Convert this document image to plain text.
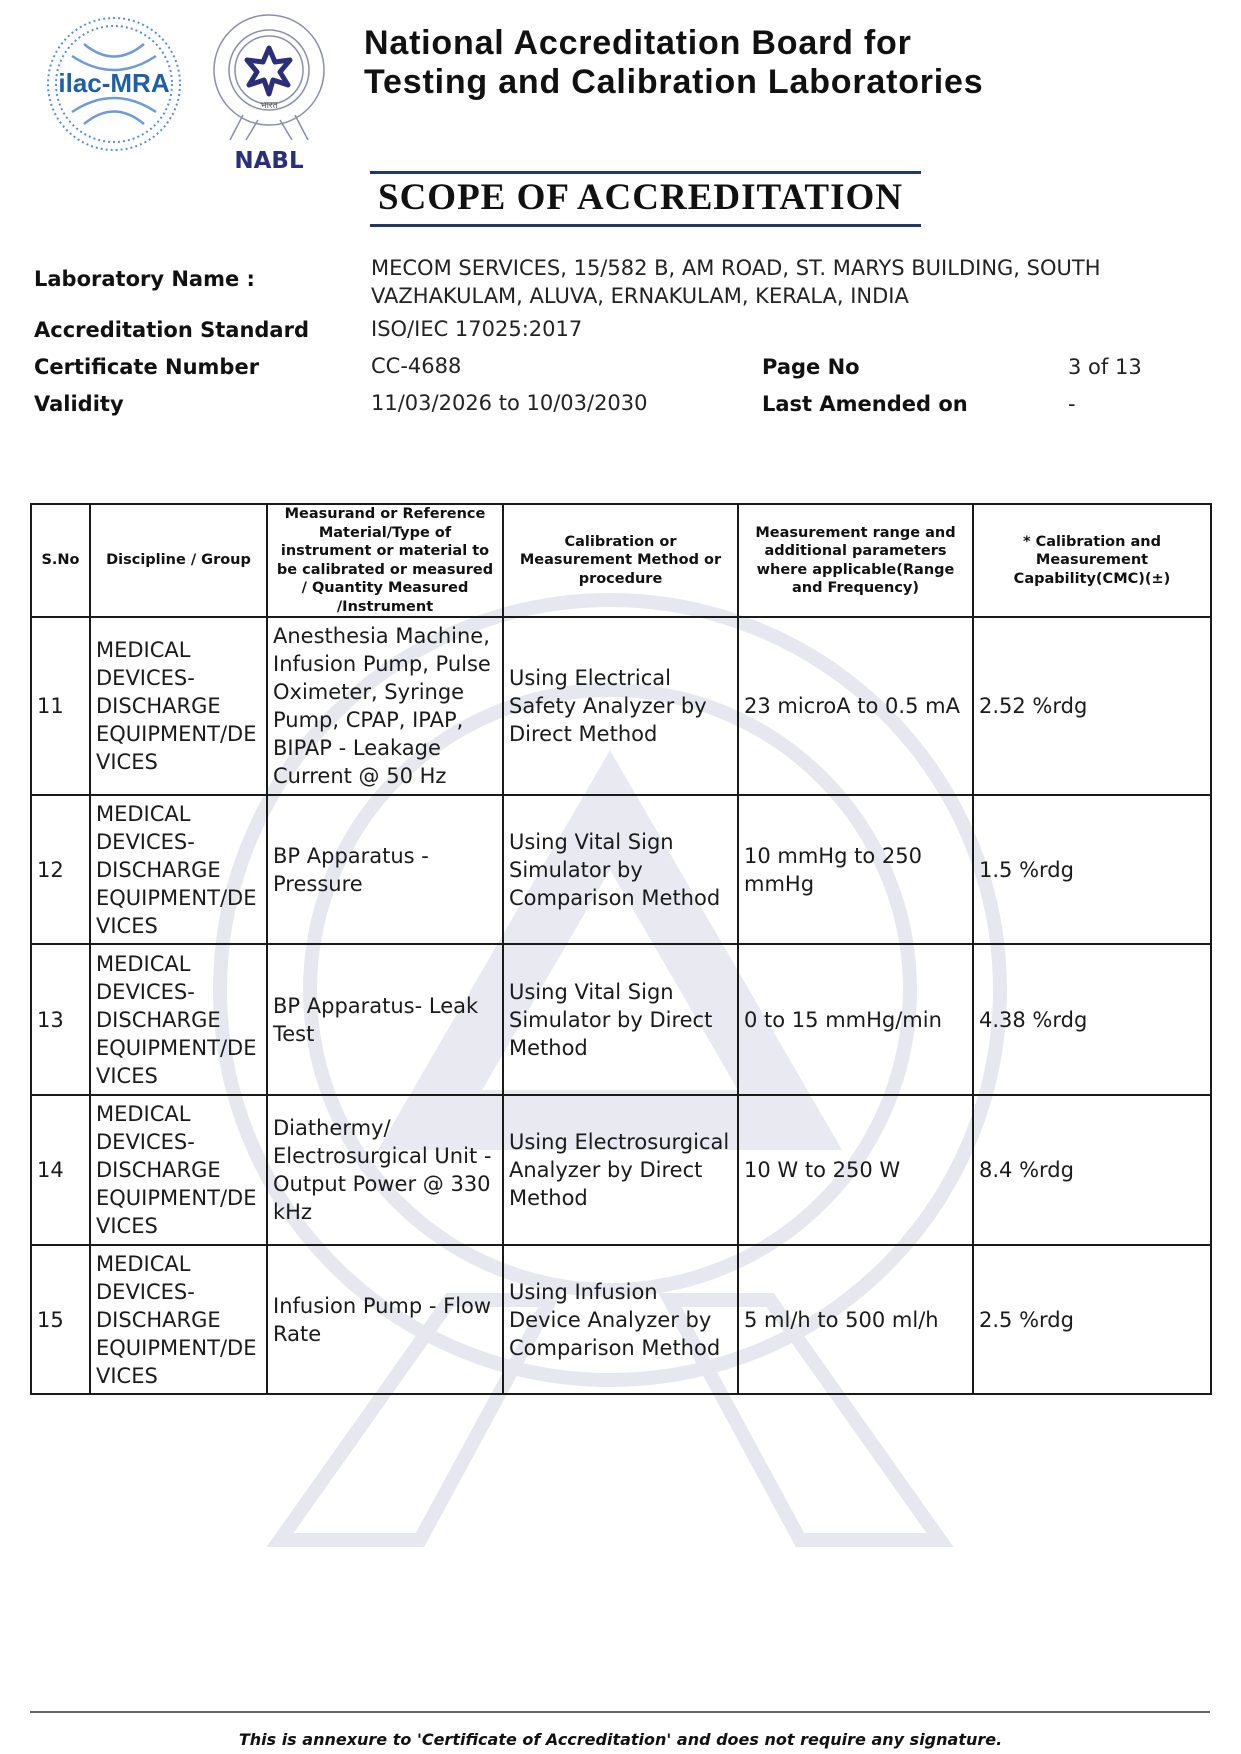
ilac-MRA
भारत
NABL
National Accreditation Board for
Testing and Calibration Laboratories
SCOPE OF ACCREDITATION
Laboratory Name :	MECOM SERVICES, 15/582 B, AM ROAD, ST. MARYS BUILDING, SOUTH
VAZHAKULAM, ALUVA, ERNAKULAM, KERALA, INDIA
Accreditation Standard	ISO/IEC 17025:2017
Certificate Number	CC-4688	Page No	3 of 13
Validity	11/03/2026 to 10/03/2030	Last Amended on	-
S.No	Discipline / Group	Measurand or Reference Material/Type of instrument or material to be calibrated or measured / Quantity Measured /Instrument	Calibration or Measurement Method or procedure	Measurement range and additional parameters where applicable(Range and Frequency)	* Calibration and Measurement Capability(CMC)(±)
11	MEDICAL
DEVICES-
DISCHARGE
EQUIPMENT/DE
VICES	Anesthesia Machine, Infusion Pump, Pulse Oximeter, Syringe Pump, CPAP, IPAP, BIPAP - Leakage Current @ 50 Hz	Using Electrical Safety Analyzer by Direct Method	23 microA to 0.5 mA	2.52 %rdg
12	MEDICAL
DEVICES-
DISCHARGE
EQUIPMENT/DE
VICES	BP Apparatus - Pressure	Using Vital Sign Simulator by Comparison Method	10 mmHg to 250 mmHg	1.5 %rdg
13	MEDICAL
DEVICES-
DISCHARGE
EQUIPMENT/DE
VICES	BP Apparatus- Leak Test	Using Vital Sign Simulator by Direct Method	0 to 15 mmHg/min	4.38 %rdg
14	MEDICAL
DEVICES-
DISCHARGE
EQUIPMENT/DE
VICES	Diathermy/ Electrosurgical Unit - Output Power @ 330 kHz	Using Electrosurgical Analyzer by Direct Method	10 W to 250 W	8.4 %rdg
15	MEDICAL
DEVICES-
DISCHARGE
EQUIPMENT/DE
VICES	Infusion Pump - Flow Rate	Using Infusion Device Analyzer by Comparison Method	5 ml/h to 500 ml/h	2.5 %rdg
This is annexure to 'Certificate of Accreditation' and does not require any signature.
